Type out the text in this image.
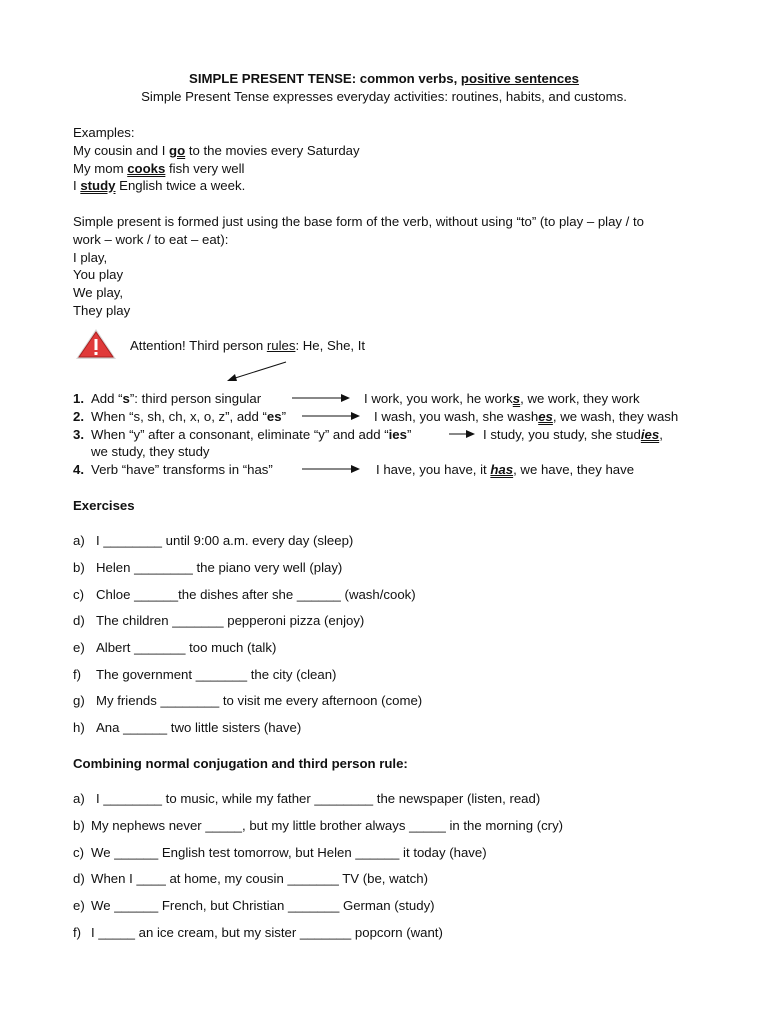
SIMPLE PRESENT TENSE: common verbs, positive sentences
Simple Present Tense expresses everyday activities: routines, habits, and customs.
Examples:
My cousin and I go to the movies every Saturday
My mom cooks fish very well
I study English twice a week.
Simple present is formed just using the base form of the verb, without using “to” (to play – play / to
work – work / to eat – eat):
I play,
You play
We play,
They play
Attention! Third person rules: He, She, It
1. Add “s”: third person singular	I work, you work, he works, we work, they work
2. When “s, sh, ch, x, o, z”, add “es”	I wash, you wash, she washes, we wash, they wash
3. When “y” after a consonant, eliminate “y” and add “ies”	I study, you study, she studies,
we study, they study
4. Verb “have” transforms in “has”	I have, you have, it has, we have, they have
Exercises
a) I ________ until 9:00 a.m. every day (sleep)
b) Helen ________ the piano very well (play)
c) Chloe ______the dishes after she ______ (wash/cook)
d) The children _______ pepperoni pizza (enjoy)
e) Albert _______ too much (talk)
f) The government _______ the city (clean)
g) My friends ________ to visit me every afternoon (come)
h) Ana ______ two little sisters (have)
Combining normal conjugation and third person rule:
a) I ________ to music, while my father ________ the newspaper (listen, read)
b) My nephews never _____, but my little brother always _____ in the morning (cry)
c) We ______ English test tomorrow, but Helen ______ it today (have)
d) When I ____ at home, my cousin _______ TV (be, watch)
e) We ______ French, but Christian _______ German (study)
f) I _____ an ice cream, but my sister _______ popcorn (want)
